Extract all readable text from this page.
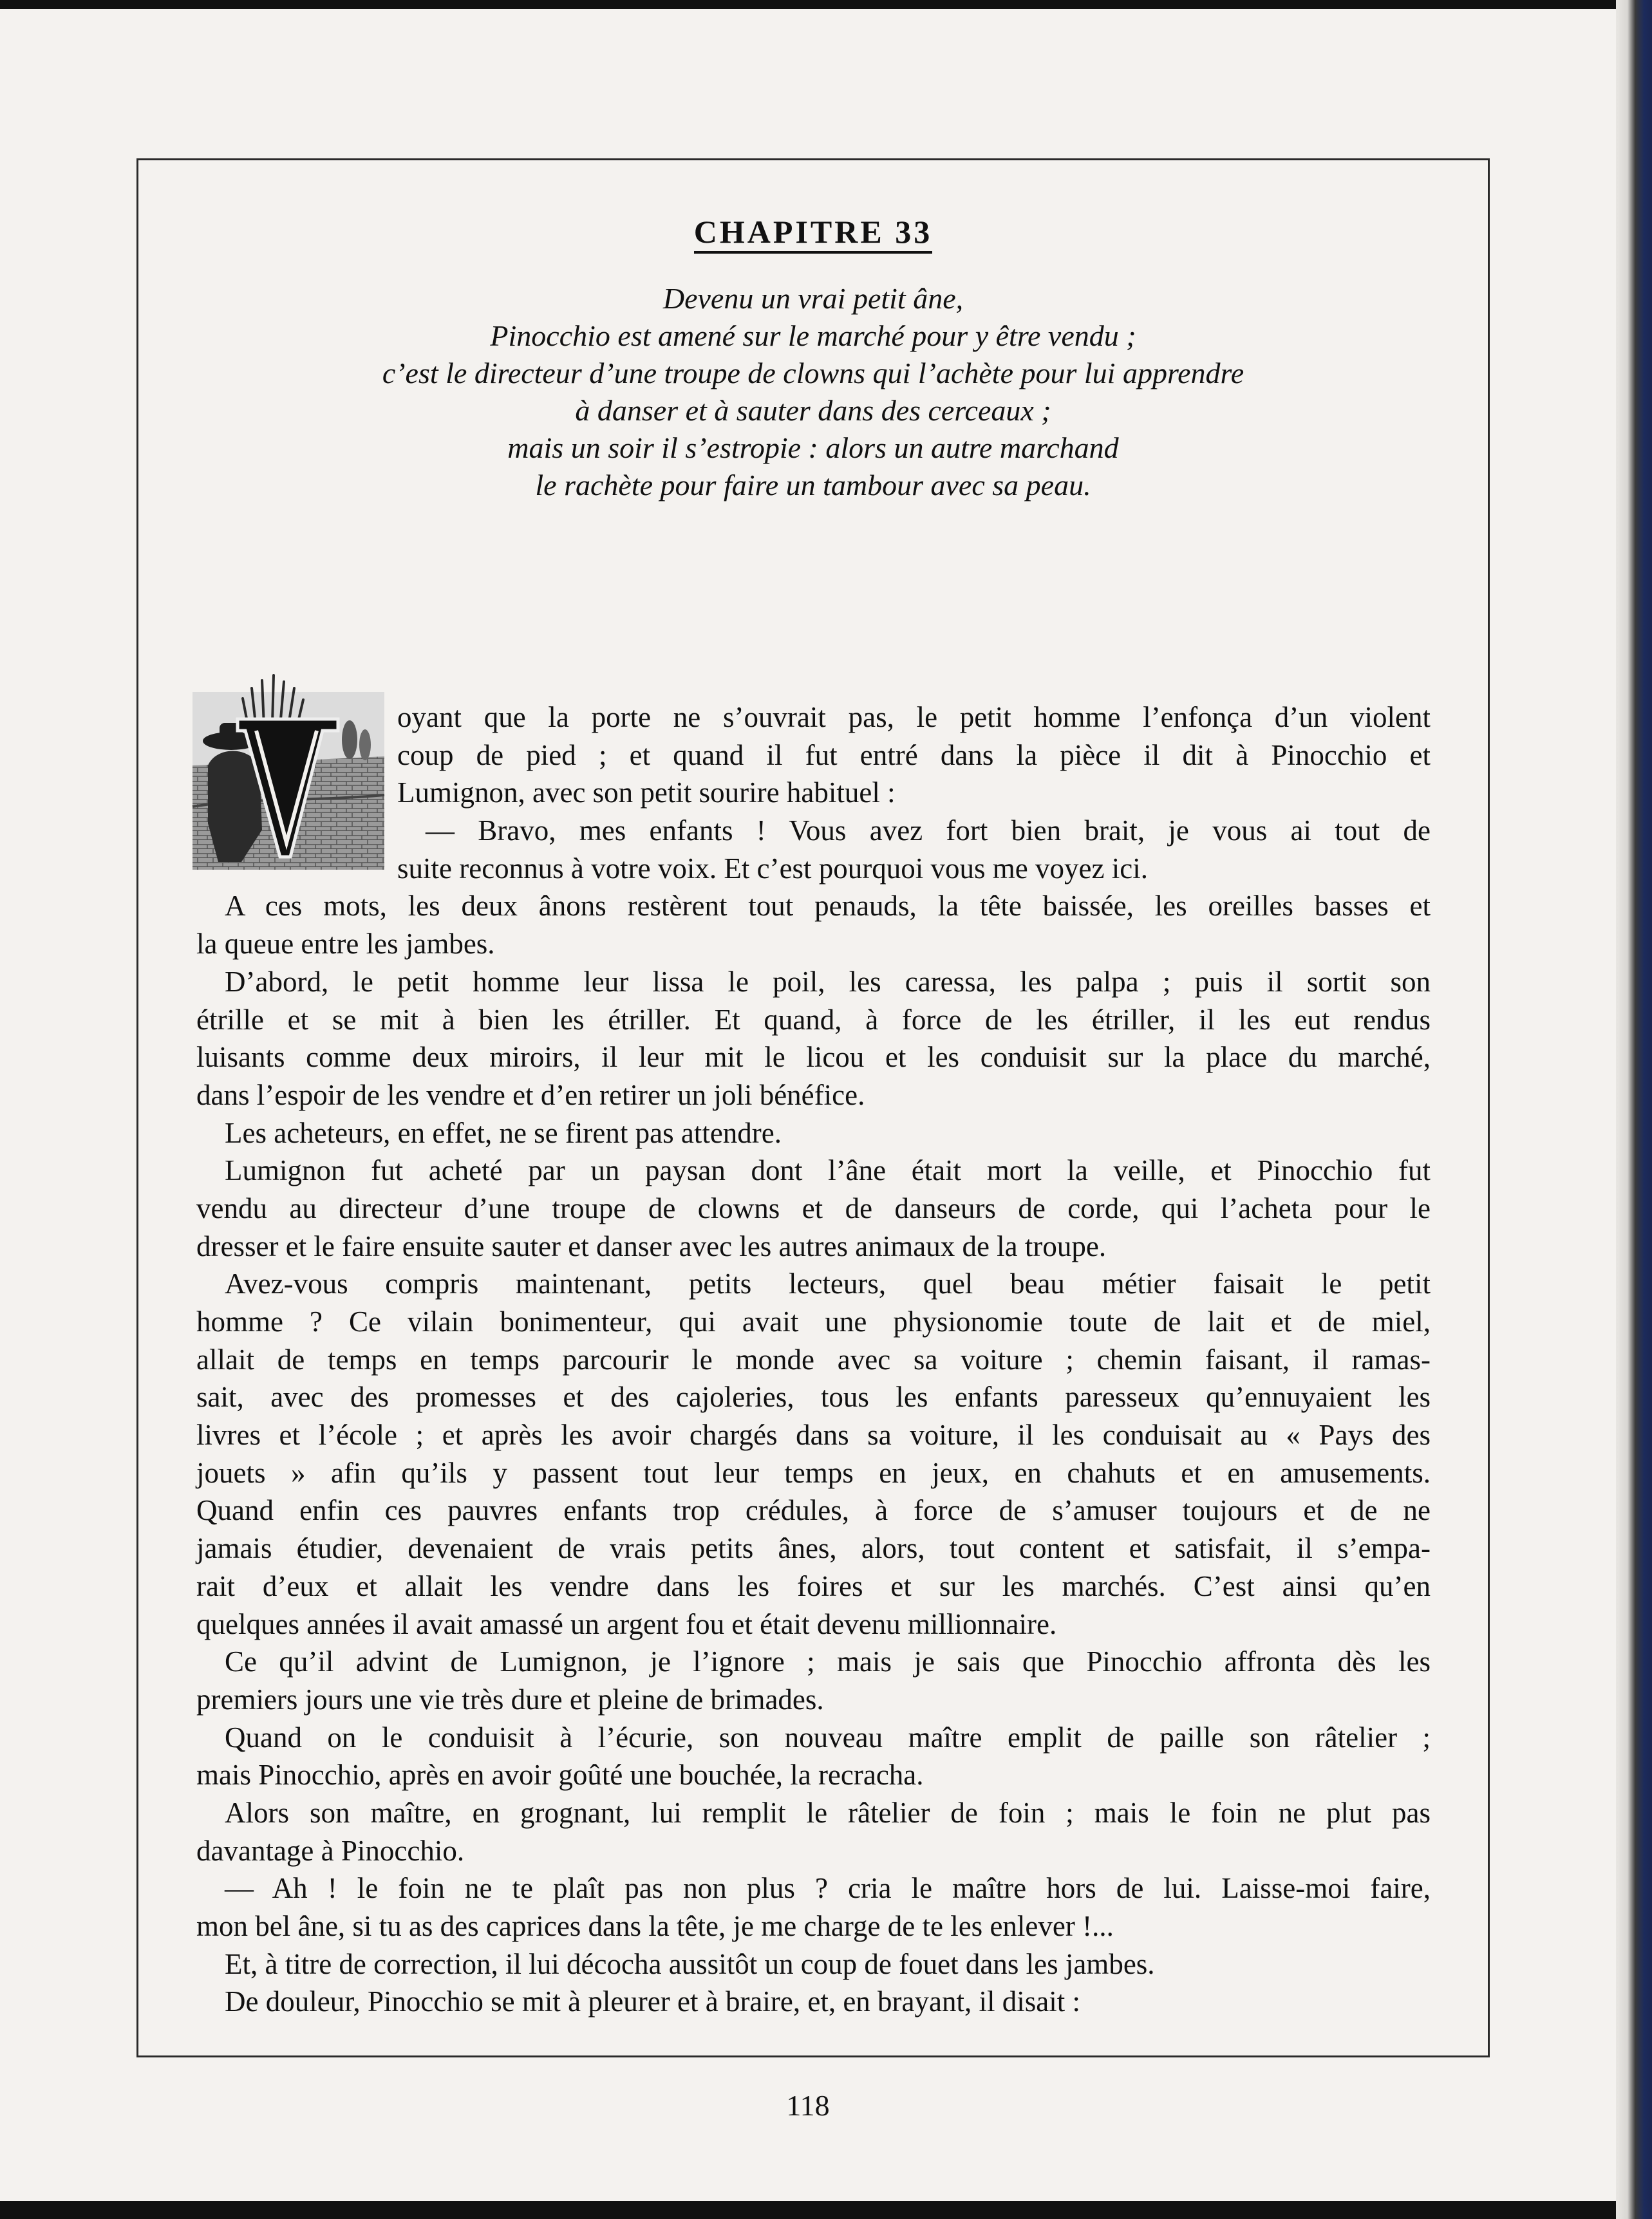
CHAPITRE 33
Devenu un vrai petit âne,
Pinocchio est amené sur le marché pour y être vendu ;
c’est le directeur d’une troupe de clowns qui l’achète pour lui apprendre
à danser et à sauter dans des cerceaux ;
mais un soir il s’estropie : alors un autre marchand
le rachète pour faire un tambour avec sa peau.
oyant que la porte ne s’ouvrait pas, le petit homme l’enfonça d’un violent
coup de pied ; et quand il fut entré dans la pièce il dit à Pinocchio et
Lumignon, avec son petit sourire habituel :
— Bravo, mes enfants ! Vous avez fort bien brait, je vous ai tout de
suite reconnus à votre voix. Et c’est pourquoi vous me voyez ici.
A ces mots, les deux ânons restèrent tout penauds, la tête baissée, les oreilles basses et
la queue entre les jambes.
D’abord, le petit homme leur lissa le poil, les caressa, les palpa ; puis il sortit son
étrille et se mit à bien les étriller. Et quand, à force de les étriller, il les eut rendus
luisants comme deux miroirs, il leur mit le licou et les conduisit sur la place du marché,
dans l’espoir de les vendre et d’en retirer un joli bénéfice.
Les acheteurs, en effet, ne se firent pas attendre.
Lumignon fut acheté par un paysan dont l’âne était mort la veille, et Pinocchio fut
vendu au directeur d’une troupe de clowns et de danseurs de corde, qui l’acheta pour le
dresser et le faire ensuite sauter et danser avec les autres animaux de la troupe.
Avez-vous compris maintenant, petits lecteurs, quel beau métier faisait le petit
homme ? Ce vilain bonimenteur, qui avait une physionomie toute de lait et de miel,
allait de temps en temps parcourir le monde avec sa voiture ; chemin faisant, il ramas-
sait, avec des promesses et des cajoleries, tous les enfants paresseux qu’ennuyaient les
livres et l’école ; et après les avoir chargés dans sa voiture, il les conduisait au « Pays des
jouets » afin qu’ils y passent tout leur temps en jeux, en chahuts et en amusements.
Quand enfin ces pauvres enfants trop crédules, à force de s’amuser toujours et de ne
jamais étudier, devenaient de vrais petits ânes, alors, tout content et satisfait, il s’empa-
rait d’eux et allait les vendre dans les foires et sur les marchés. C’est ainsi qu’en
quelques années il avait amassé un argent fou et était devenu millionnaire.
Ce qu’il advint de Lumignon, je l’ignore ; mais je sais que Pinocchio affronta dès les
premiers jours une vie très dure et pleine de brimades.
Quand on le conduisit à l’écurie, son nouveau maître emplit de paille son râtelier ;
mais Pinocchio, après en avoir goûté une bouchée, la recracha.
Alors son maître, en grognant, lui remplit le râtelier de foin ; mais le foin ne plut pas
davantage à Pinocchio.
— Ah ! le foin ne te plaît pas non plus ? cria le maître hors de lui. Laisse-moi faire,
mon bel âne, si tu as des caprices dans la tête, je me charge de te les enlever !...
Et, à titre de correction, il lui décocha aussitôt un coup de fouet dans les jambes.
De douleur, Pinocchio se mit à pleurer et à braire, et, en brayant, il disait :
118
